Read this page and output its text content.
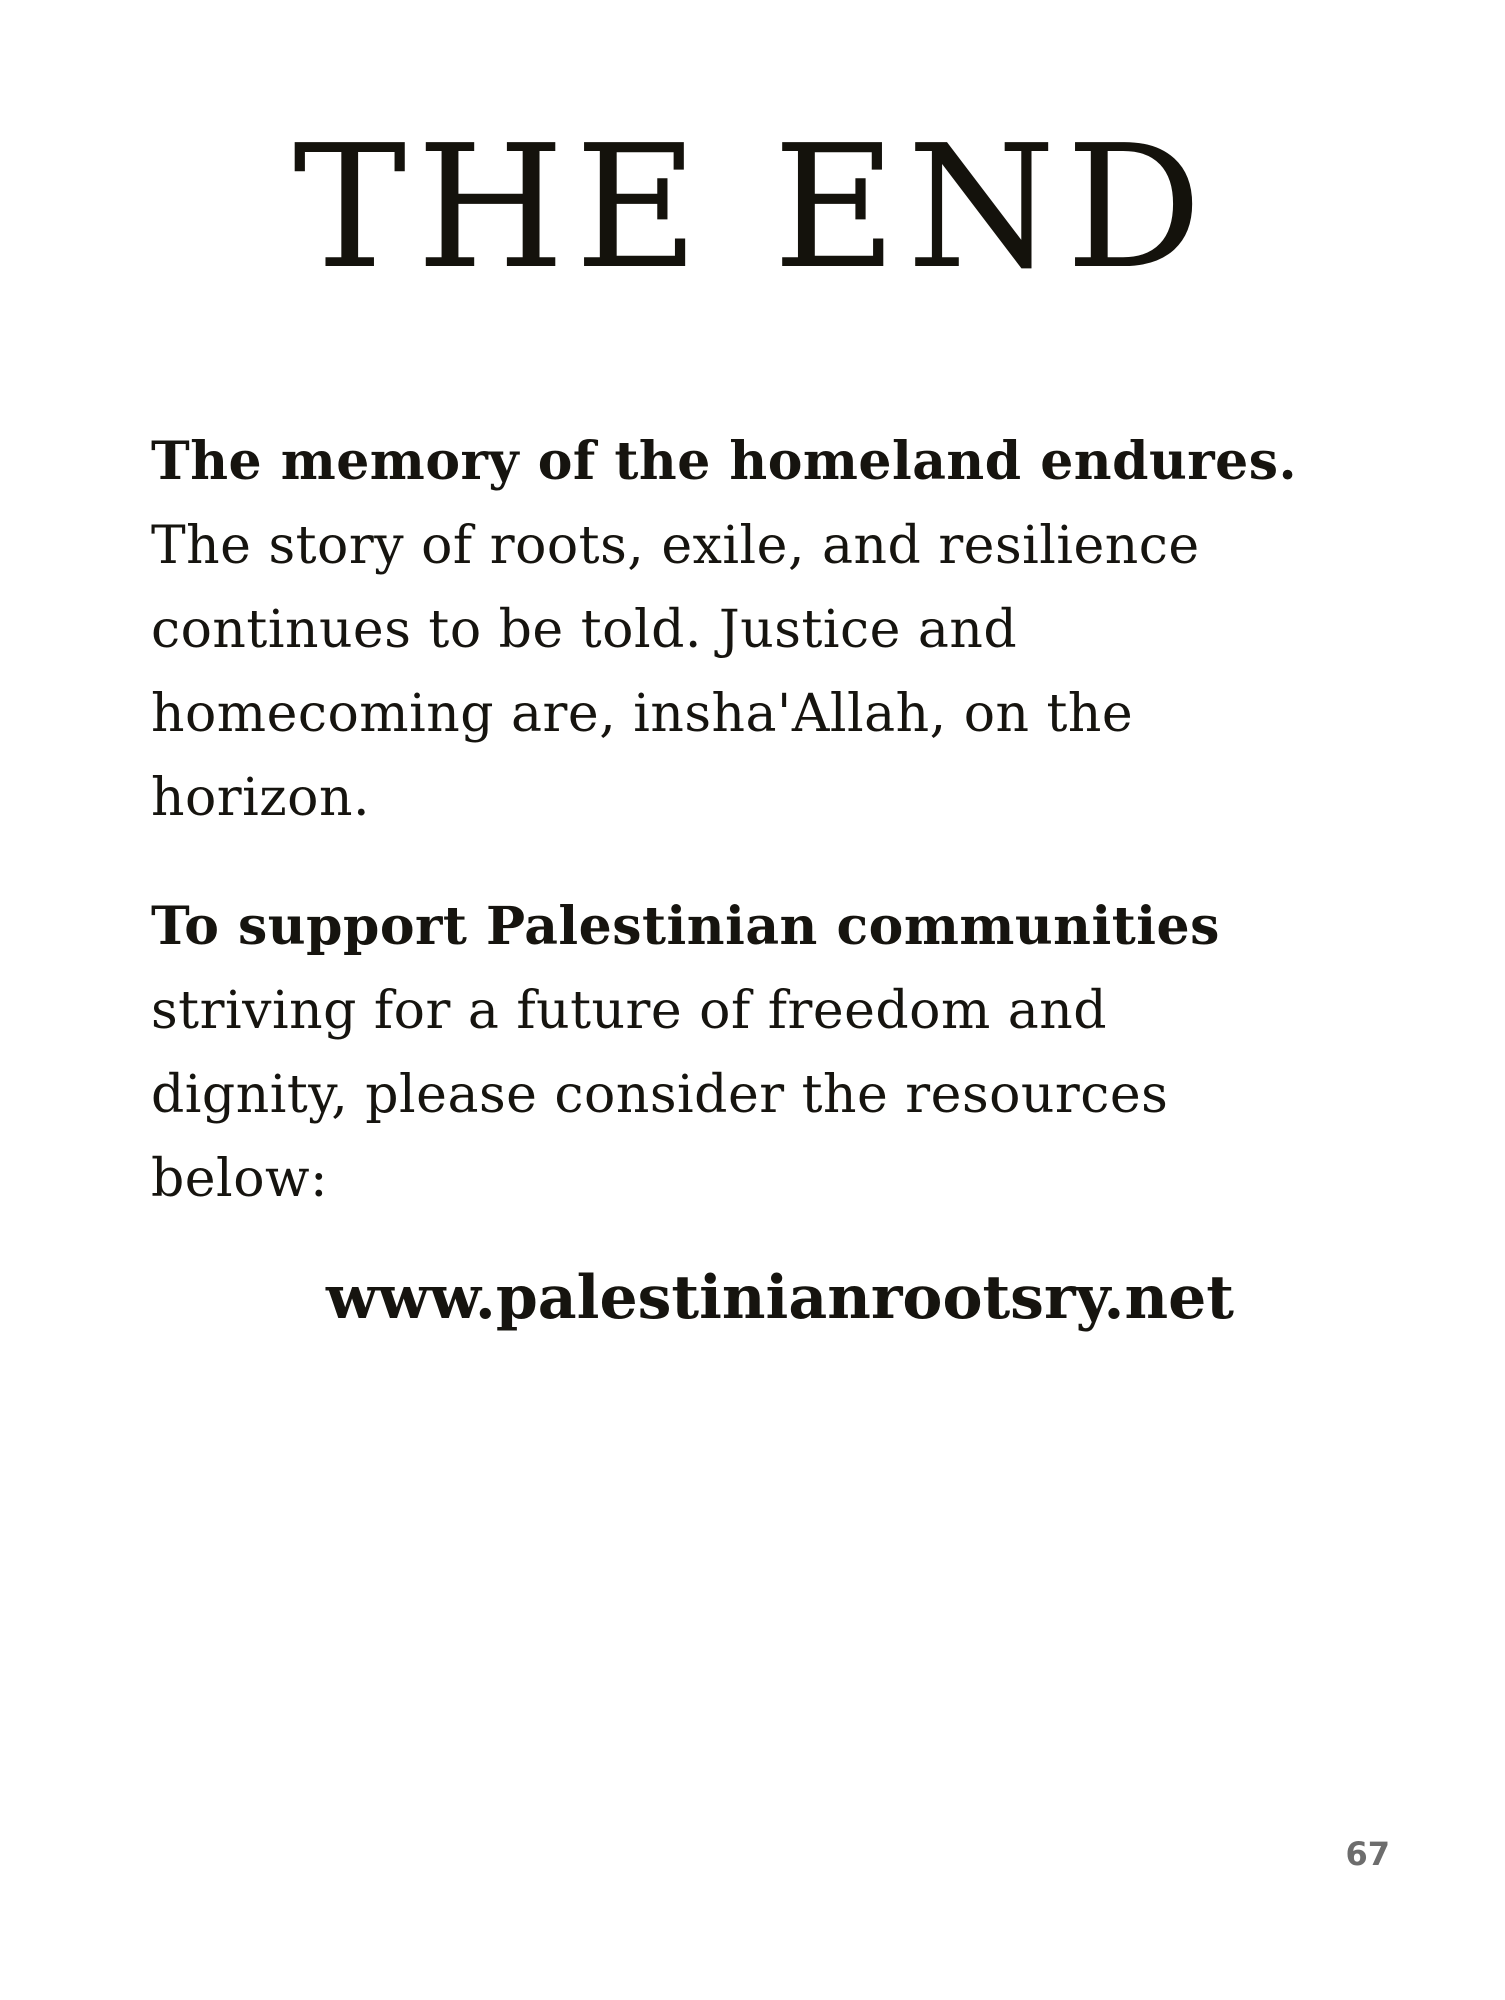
THE END
The memory of the homeland endures.
The story of roots, exile, and resilience
continues to be told. Justice and
homecoming are, insha'Allah, on the
horizon.
To support Palestinian communities
striving for a future of freedom and
dignity, please consider the resources
below:

www.palestinianrootsry.net

67
